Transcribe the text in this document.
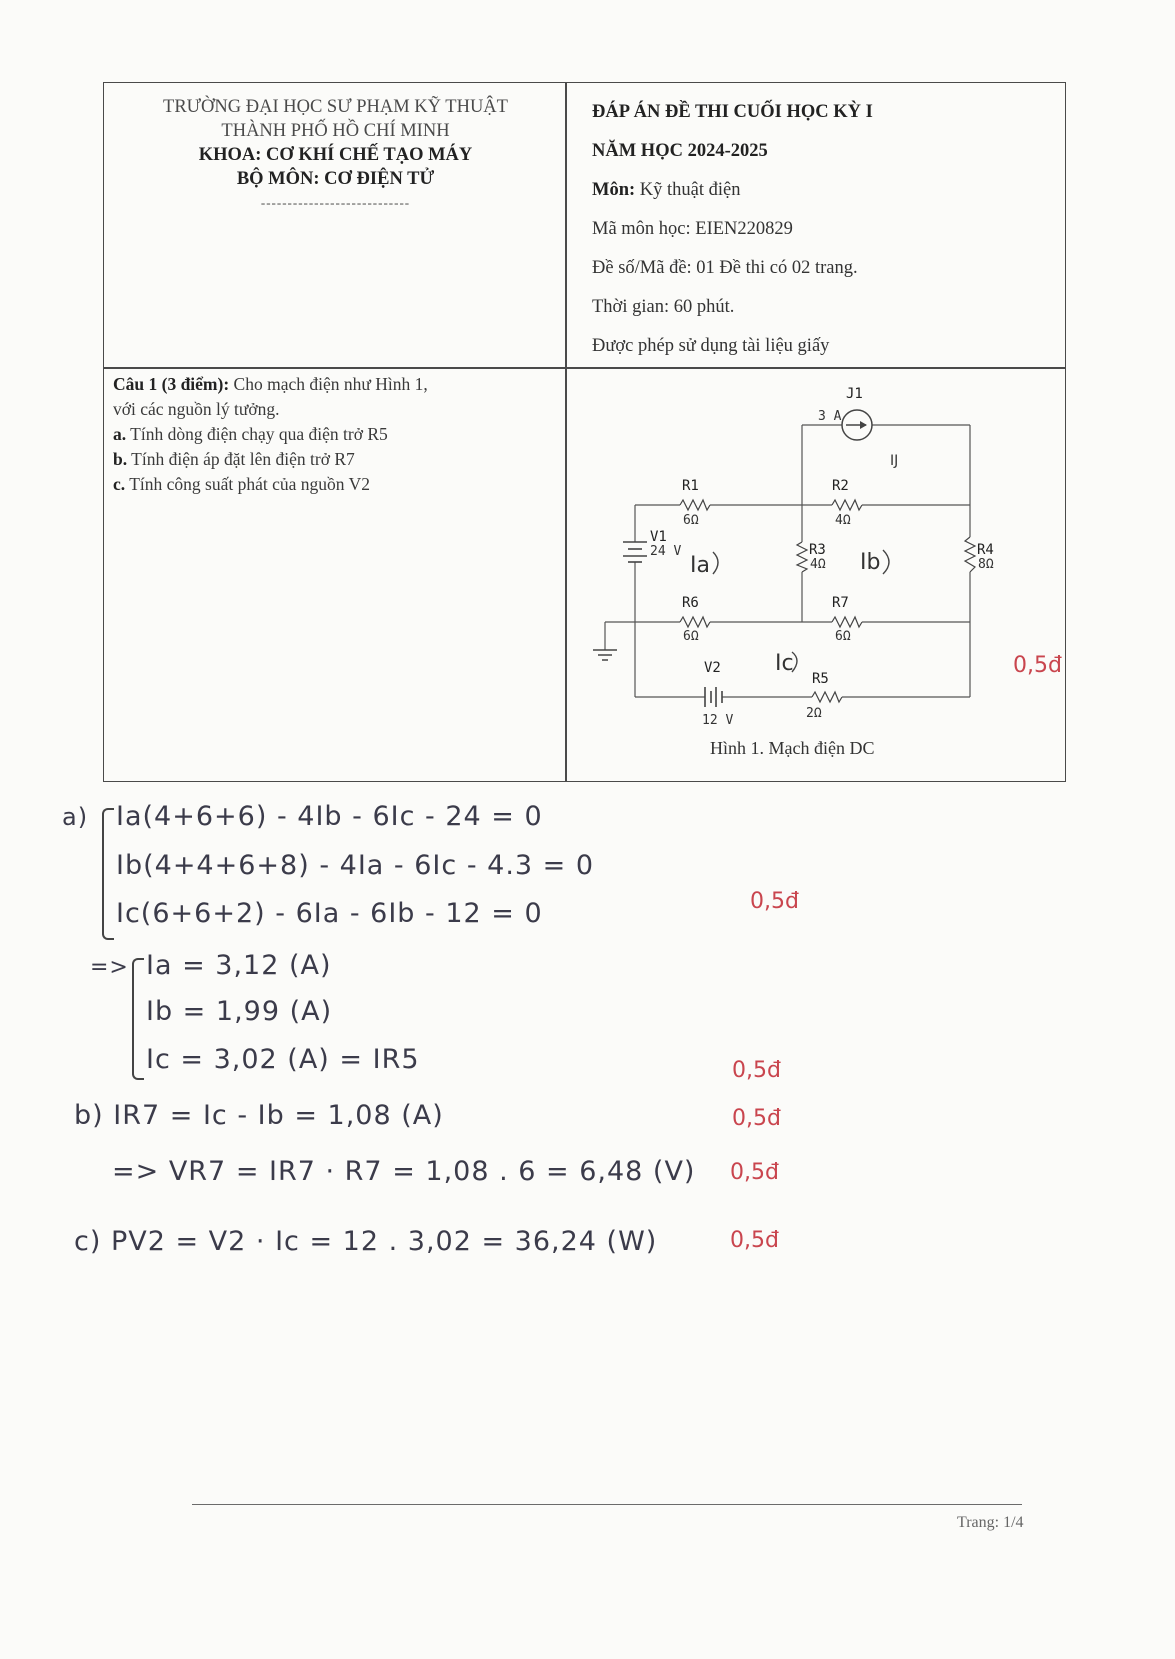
TRƯỜNG ĐẠI HỌC SƯ PHẠM KỸ THUẬT
THÀNH PHỐ HỒ CHÍ MINH
KHOA: CƠ KHÍ CHẾ TẠO MÁY
BỘ MÔN: CƠ ĐIỆN TỬ
----------------------------
ĐÁP ÁN ĐỀ THI CUỐI HỌC KỲ I
NĂM HỌC 2024-2025
Môn: Kỹ thuật điện
Mã môn học: EIEN220829
Đề số/Mã đề: 01 Đề thi có 02 trang.
Thời gian: 60 phút.
Được phép sử dụng tài liệu giấy
Câu 1 (3 điểm): Cho mạch điện như Hình 1,
với các nguồn lý tưởng.
a. Tính dòng điện chạy qua điện trở R5
b. Tính điện áp đặt lên điện trở R7
c. Tính công suất phát của nguồn V2
J1
3 A
R1
6Ω
R2
4Ω
R3
4Ω
R4
8Ω
R6
6Ω
R7
6Ω
R5
2Ω
V1
24 V
V2
12 V
Ia	Ib
Ic
IJ
Hình 1. Mạch điện DC
0,5đ
a) Ia(4+6+6) - 4Ib - 6Ic - 24 = 0
Ib(4+4+6+8) - 4Ia - 6Ic - 4.3 = 0
Ic(6+6+2) - 6Ia - 6Ib - 12 = 0	0,5đ
=> Ia = 3,12 (A)
Ib = 1,99 (A)
Ic = 3,02 (A) = IR5	0,5đ
b) IR7 = Ic - Ib = 1,08 (A)	0,5đ
=> VR7 = IR7 · R7 = 1,08 . 6 = 6,48 (V) 0,5đ
c) PV2 = V2 · Ic = 12 . 3,02 = 36,24 (W)	0,5đ
Trang: 1/4
